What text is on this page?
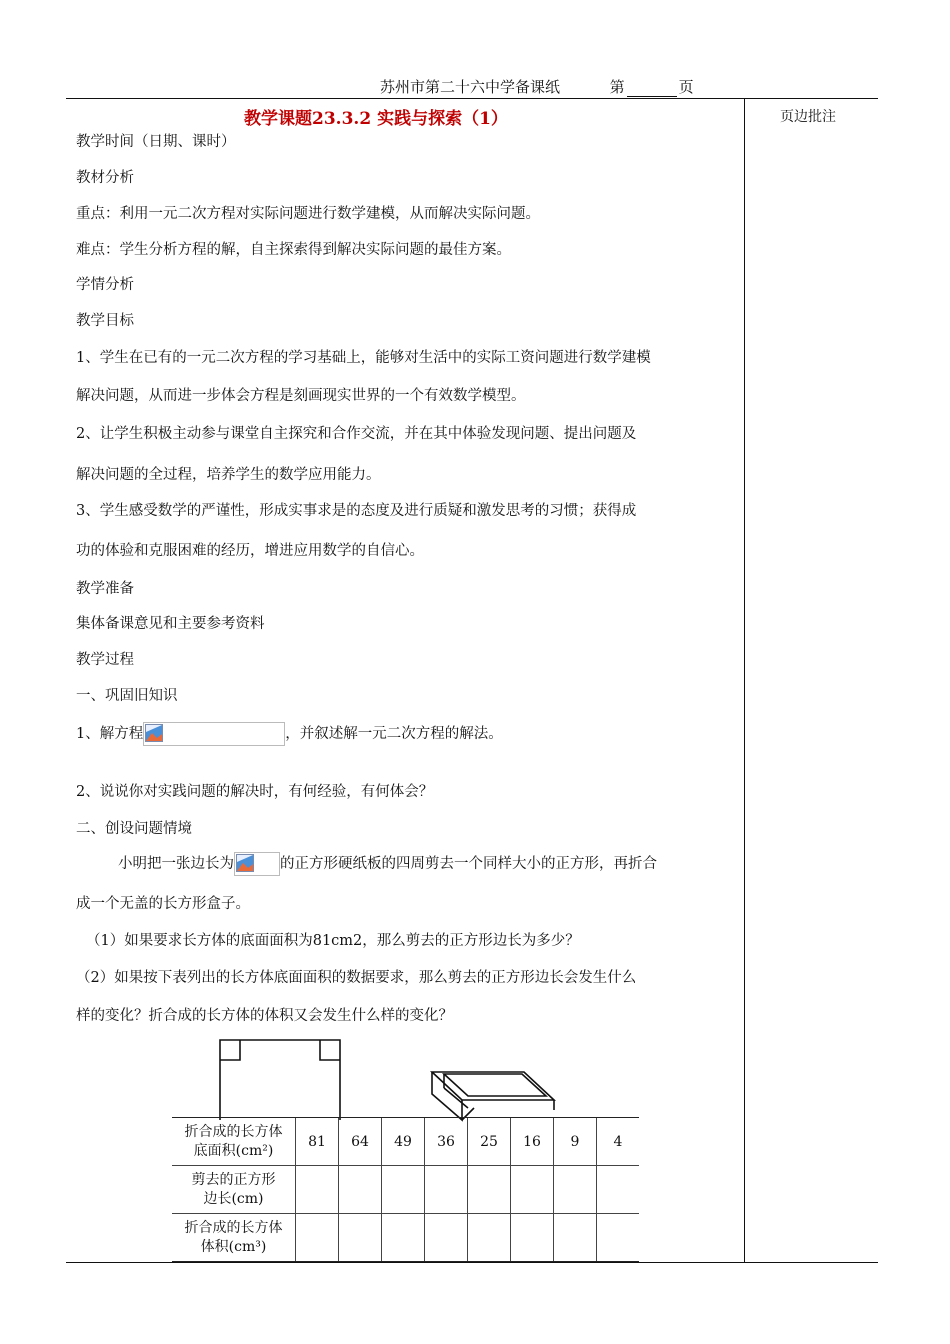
苏州市第二十六中学备课纸	第	页
教学课题23.3.2 实践与探索（1）	页边批注
教学时间（日期、课时）
教材分析
重点：利用一元二次方程对实际问题进行数学建模，从而解决实际问题。
难点：学生分析方程的解，自主探索得到解决实际问题的最佳方案。
学情分析
教学目标
1、学生在已有的一元二次方程的学习基础上，能够对生活中的实际工资问题进行数学建模
解决问题，从而进一步体会方程是刻画现实世界的一个有效数学模型。
2、让学生积极主动参与课堂自主探究和合作交流，并在其中体验发现问题、提出问题及
解决问题的全过程，培养学生的数学应用能力。
3、学生感受数学的严谨性，形成实事求是的态度及进行质疑和激发思考的习惯；获得成
功的体验和克服困难的经历，增进应用数学的自信心。
教学准备
集体备课意见和主要参考资料
教学过程
一、巩固旧知识
1、解方程	，并叙述解一元二次方程的解法。
2、说说你对实践问题的解决时，有何经验，有何体会？
二、创设问题情境
小明把一张边长为	的正方形硬纸板的四周剪去一个同样大小的正方形，再折合
成一个无盖的长方形盒子。
（1）如果要求长方体的底面面积为81cm2，那么剪去的正方形边长为多少？
（2）如果按下表列出的长方体底面面积的数据要求，那么剪去的正方形边长会发生什么
样的变化？折合成的长方体的体积又会发生什么样的变化？
折合成的长方体
底面积(cm²)	81	64	49	36	25	16	9	4

剪去的正方形
边长(cm)								

折合成的长方体
体积(cm³)								
